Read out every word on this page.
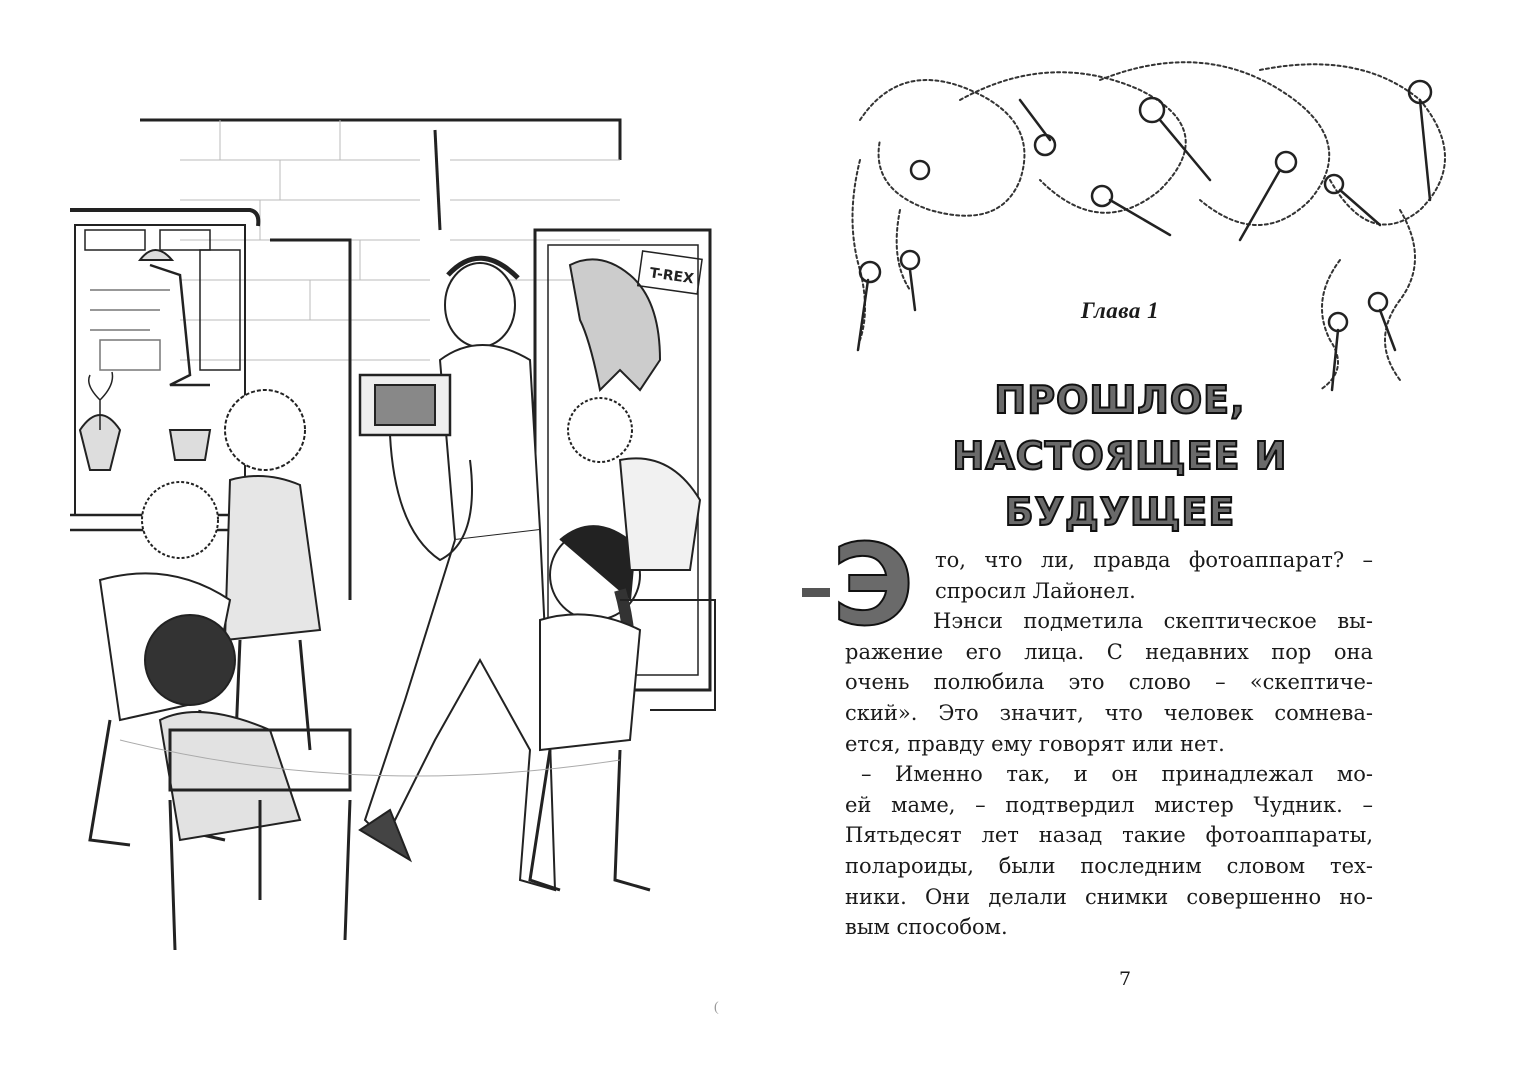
T-REX
(
Глава 1
ПРОШЛОЕ,
НАСТОЯЩЕЕ И БУДУЩЕЕ
Э то, что ли, правда фотоаппарат? –
спросил Лайонел.
Нэнси подметила скептическое вы-
ражение его лица. С недавних пор она
очень полюбила это слово – «скептиче-
ский». Это значит, что человек сомнева-
ется, правду ему говорят или нет.
– Именно так, и он принадлежал мо-
ей маме, – подтвердил мистер Чудник. –
Пятьдесят лет назад такие фотоаппараты,
полароиды, были последним словом тех-
ники. Они делали снимки совершенно но-
вым способом.
7
